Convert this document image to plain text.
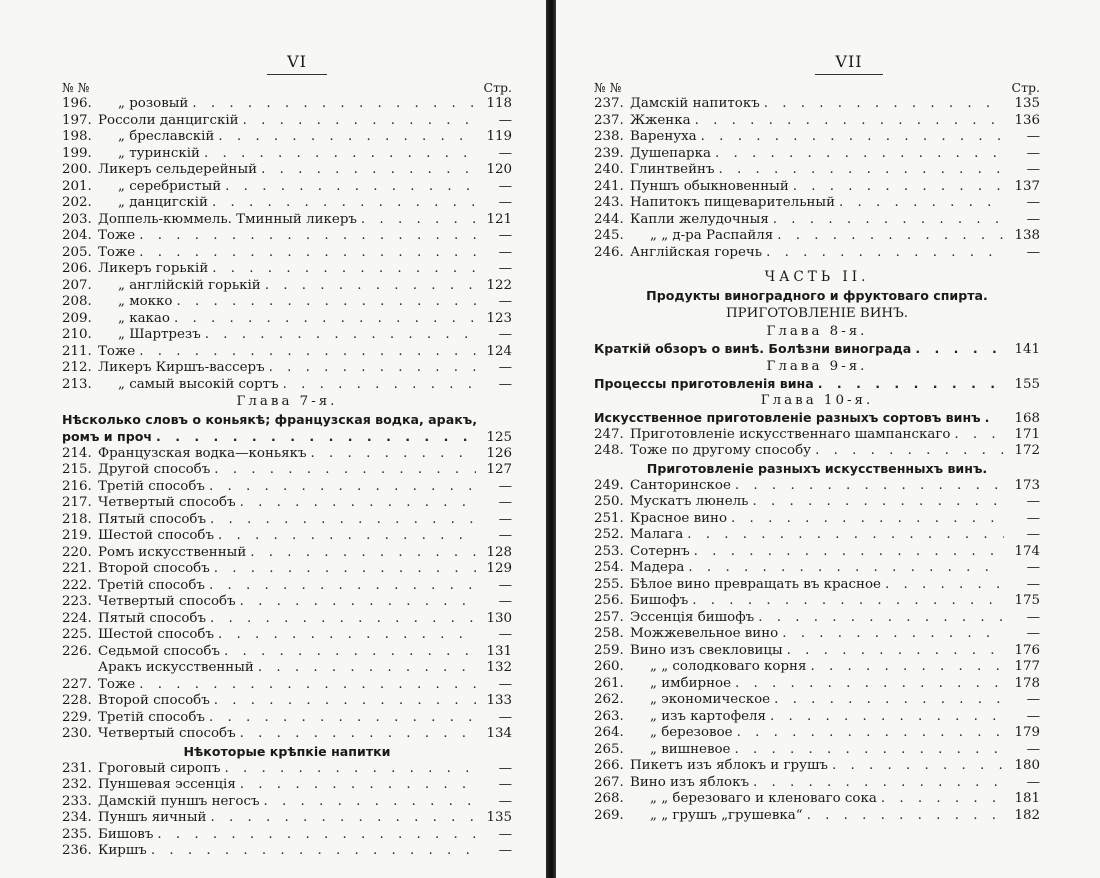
VI
№ №	Стр.
196.	„ розовый . . .	118
197. Россоли данцигскій . . .	—
198.	„ бреславскій . . .	119
199.	„ туринскій . . .	—
200. Ликеръ сельдерейный . . .	120
201.	„ серебристый . . .	—
202.	„ данцигскій . . .	—
203. Доппель-кюммель. Тминный ликеръ . . .	121
204. Тоже . . .	—
205. Тоже . . .	—
206. Ликеръ горькій . . .	—
207.	„ англійскій горькій . . .	122
208.	„ мокко . . .	—
209.	„ какао . . .	123
210.	„ Шартрезъ . . .	—
211. Тоже . . .	124
212. Ликеръ Киршъ-вассеръ . . .	—
213.	„ самый высокій сортъ . . .	—
Глава 7-я.
Нѣсколько словъ о коньякѣ; французская водка, аракъ,
ромъ и проч . . .	125
214. Французская водка—коньякъ . . .	126
215. Другой способъ . . .	127
216. Третій способъ . . .	—
217. Четвертый способъ . . .	—
218. Пятый способъ . . .	—
219. Шестой способъ . . .	—
220. Ромъ искусственный . . .	128
221. Второй способъ . . .	129
222. Третій способъ . . .	—
223. Четвертый способъ . . .	—
224. Пятый способъ . . .	130
225. Шестой способъ . . .	—
226. Седьмой способъ . . .	131
Аракъ искусственный . . .	132
227. Тоже . . .	—
228. Второй способъ . . .	133
229. Третій способъ . . .	—
230. Четвертый способъ . . .	134
Нѣкоторые крѣпкіе напитки
231. Гроговый сиропъ . . .	—
232. Пуншевая эссенція . . .	—
233. Дамскій пуншъ негосъ . . .	—
234. Пуншъ яичный . . .	135
235. Бишовъ . . .	—
236. Киршъ . . .	—
VII
№ №	Стр.
237. Дамскій напитокъ . . .	135
237. Жженка . . .	136
238. Варенуха . . .	—
239. Душепарка . . .	—
240. Глинтвейнъ . . .	—
241. Пуншъ обыкновенный . . .	137
243. Напитокъ пищеварительный . . .	—
244. Капли желудочныя . . .	—
245.	„ „ д-ра Распайля . . .	138
246. Англійская горечь . . .	—
ЧАСТЬ II.
Продукты виноградного и фруктоваго спирта.
ПРИГОТОВЛЕНІЕ ВИНЪ.
Глава 8-я.
Краткій обзоръ о винѣ. Болѣзни винограда . . .	141
Глава 9-я.
Процессы приготовленія вина . . .	155
Глава 10-я.
Искусственное приготовленіе разныхъ сортовъ винъ . . .	168
247. Приготовленіе искусственнаго шампанскаго . . .	171
248. Тоже по другому способу . . .	172
Приготовленіе разныхъ искусственныхъ винъ.
249. Санторинское . . .	173
250. Мускатъ люнель . . .	—
251. Красное вино . . .	—
252. Малага . . .	—
253. Сотернъ . . .	174
254. Мадера . . .	—
255. Бѣлое вино превращать въ красное . . .	—
256. Бишофъ . . .	175
257. Эссенція бишофъ . . .	—
258. Можжевельное вино . . .	—
259. Вино изъ свекловицы . . .	176
260.	„ „ солодковаго корня . . .	177
261.	„ имбирное . . .	178
262.	„ экономическое . . .	—
263.	„ изъ картофеля . . .	—
264.	„ березовое . . .	179
265.	„ вишневое . . .	—
266. Пикетъ изъ яблокъ и грушъ . . .	180
267. Вино изъ яблокъ . . .	—
268.	„ „ березоваго и кленоваго сока . . .	181
269.	„ „ грушъ „грушевка“ . . .	182
